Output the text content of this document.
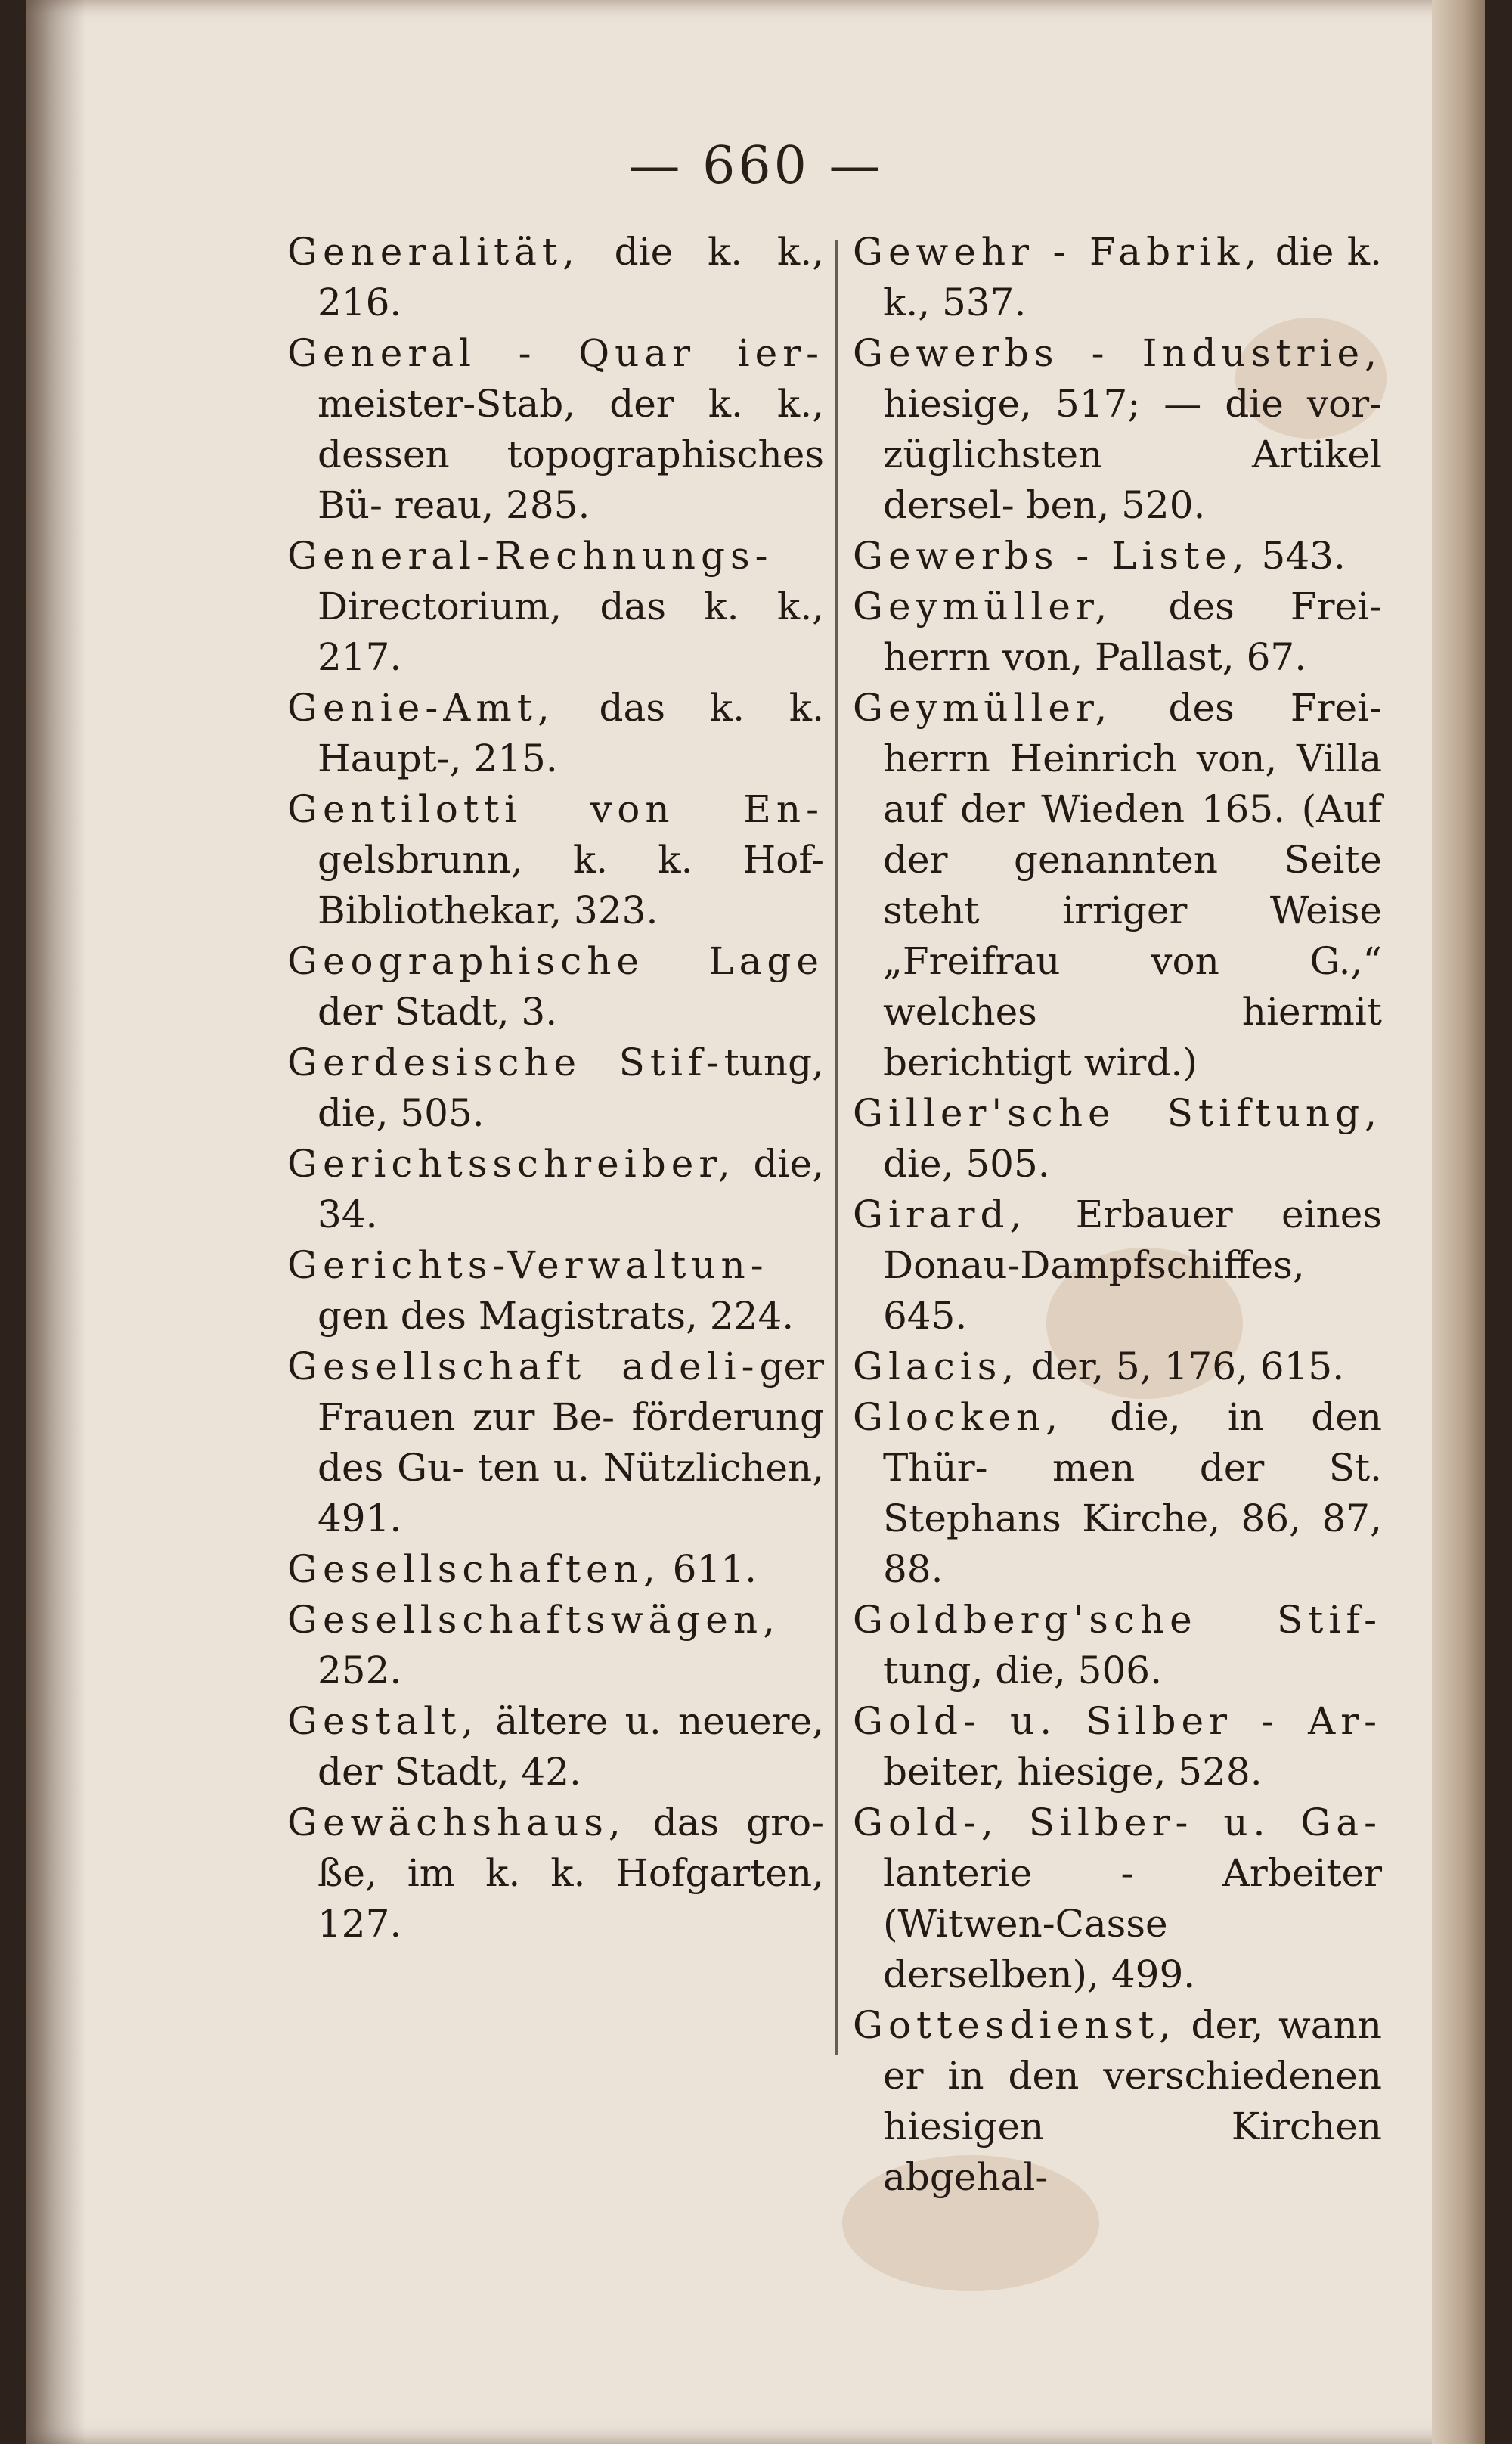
— 660 —

Generalität, die k. k., 216.

General - Quar ier-meister-Stab, der k. k., dessen topographisches Bü- reau, 285.

General-Rechnungs-Directorium, das k. k., 217.

Genie-Amt, das k. k. Haupt-, 215.

Gentilotti von En-gelsbrunn, k. k. Hof- Bibliothekar, 323.

Geographische Lage der Stadt, 3.

Gerdesische Stif-tung, die, 505.

Gerichtsschreiber, die, 34.

Gerichts-Verwaltun-gen des Magistrats, 224.

Gesellschaft adeli-ger Frauen zur Be- förderung des Gu- ten u. Nützlichen, 491.

Gesellschaften, 611.

Gesellschaftswägen, 252.

Gestalt, ältere u. neuere, der Stadt, 42.

Gewächshaus, das gro- ße, im k. k. Hofgarten, 127.

Gewehr - Fabrik, die k. k., 537.

Gewerbs - Industrie, hiesige, 517; — die vor- züglichsten Artikel dersel- ben, 520.

Gewerbs - Liste, 543.

Geymüller, des Frei- herrn von, Pallast, 67.

Geymüller, des Frei- herrn Heinrich von, Villa auf der Wieden 165. (Auf der genannten Seite steht irriger Weise „Freifrau von G.,“ welches hiermit berichtigt wird.)

Giller'sche Stiftung, die, 505.

Girard, Erbauer eines Donau-Dampfschiffes, 645.

Glacis, der, 5, 176, 615.

Glocken, die, in den Thür- men der St. Stephans Kirche, 86, 87, 88.

Goldberg'sche Stif-tung, die, 506.

Gold- u. Silber - Ar-beiter, hiesige, 528.

Gold-, Silber- u. Ga-lanterie - Arbeiter (Witwen-Casse derselben), 499.

Gottesdienst, der, wann er in den verschiedenen hiesigen Kirchen abgehal-
